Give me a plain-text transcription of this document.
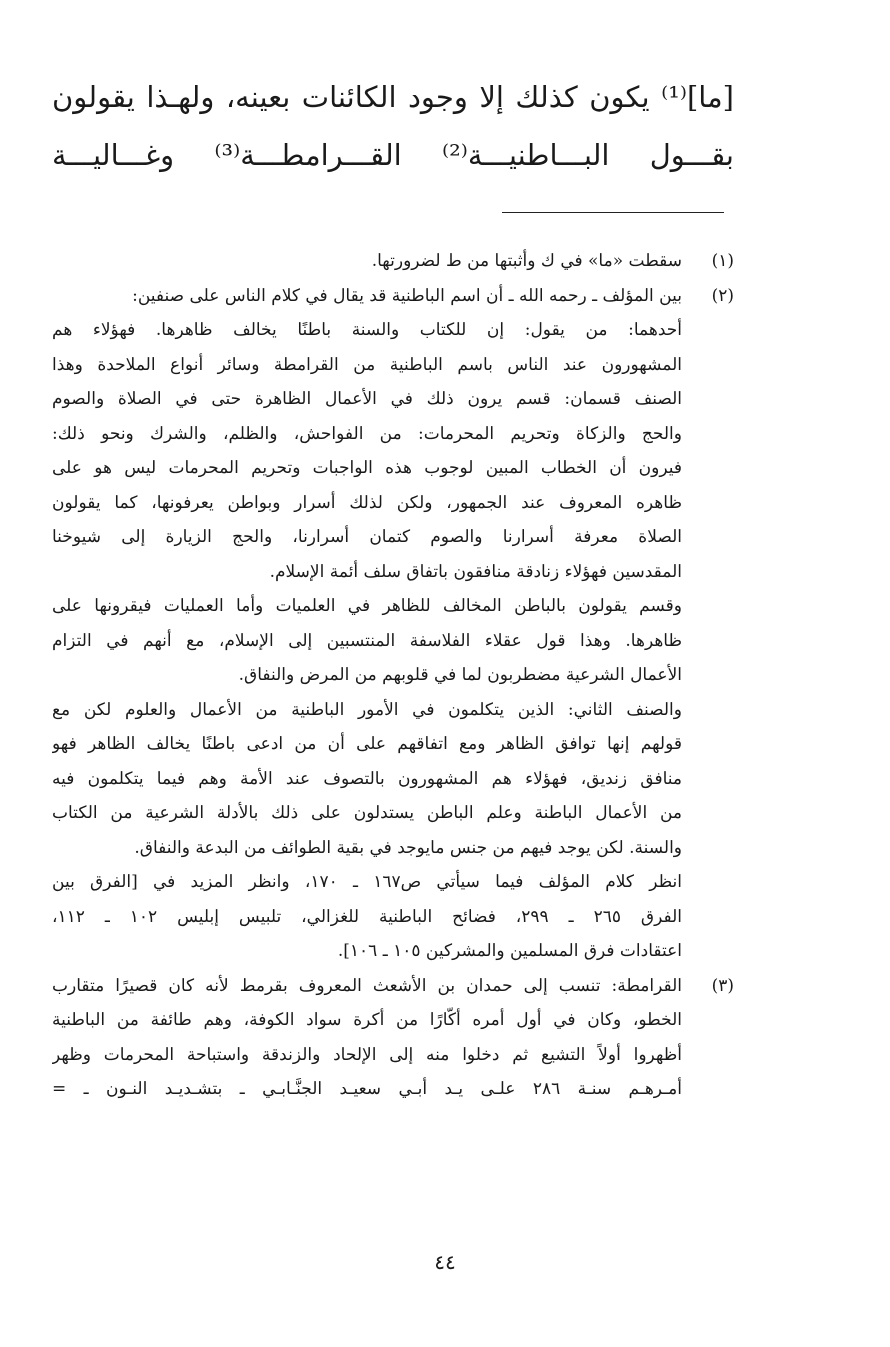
[ما]⁽¹⁾ يكون كذلك إلا وجود الكائنات بعينه، ولهـذا يقولون
بقـــول البـــاطنيـــة⁽²⁾ القـــرامطـــة⁽³⁾ وغـــاليـــة
(١)
سقطت «ما» في ك وأثبتها من ط لضرورتها.
(٢)
بين المؤلف ـ رحمه الله ـ أن اسم الباطنية قد يقال في كلام الناس على صنفين:
أحدهما: من يقول: إن للكتاب والسنة باطنًا يخالف ظاهرها. فهؤلاء هم
المشهورون عند الناس باسم الباطنية من القرامطة وسائر أنواع الملاحدة وهذا
الصنف قسمان: قسم يرون ذلك في الأعمال الظاهرة حتى في الصلاة والصوم
والحج والزكاة وتحريم المحرمات: من الفواحش، والظلم، والشرك ونحو ذلك:
فيرون أن الخطاب المبين لوجوب هذه الواجبات وتحريم المحرمات ليس هو على
ظاهره المعروف عند الجمهور، ولكن لذلك أسرار وبواطن يعرفونها، كما يقولون
الصلاة معرفة أسرارنا والصوم كتمان أسرارنا، والحج الزيارة إلى شيوخنا
المقدسين فهؤلاء زنادقة منافقون باتفاق سلف أئمة الإسلام.
وقسم يقولون بالباطن المخالف للظاهر في العلميات وأما العمليات فيقرونها على
ظاهرها. وهذا قول عقلاء الفلاسفة المنتسبين إلى الإسلام، مع أنهم في التزام
الأعمال الشرعية مضطربون لما في قلوبهم من المرض والنفاق.
والصنف الثاني: الذين يتكلمون في الأمور الباطنية من الأعمال والعلوم لكن مع
قولهم إنها توافق الظاهر ومع اتفاقهم على أن من ادعى باطنًا يخالف الظاهر فهو
منافق زنديق، فهؤلاء هم المشهورون بالتصوف عند الأمة وهم فيما يتكلمون فيه
من الأعمال الباطنة وعلم الباطن يستدلون على ذلك بالأدلة الشرعية من الكتاب
والسنة. لكن يوجد فيهم من جنس مايوجد في بقية الطوائف من البدعة والنفاق.
انظر كلام المؤلف فيما سيأتي ص١٦٧ ـ ١٧٠، وانظر المزيد في [الفرق بين
الفرق ٢٦٥ ـ ٢٩٩، فضائح الباطنية للغزالي، تلبيس إبليس ١٠٢ ـ ١١٢،
اعتقادات فرق المسلمين والمشركين ١٠٥ ـ ١٠٦].
(٣)
القرامطة: تنسب إلى حمدان بن الأشعث المعروف بقرمط لأنه كان قصيرًا متقارب
الخطو، وكان في أول أمره أكّارًا من أكرة سواد الكوفة، وهم طائفة من الباطنية
أظهروا أولاً التشيع ثم دخلوا منه إلى الإلحاد والزندقة واستباحة المحرمات وظهر
أمـرهـم سنـة ٢٨٦ علـى يـد أبـي سعيـد الجنَّـابـي ـ بتشـديـد النـون ـ =
٤٤
